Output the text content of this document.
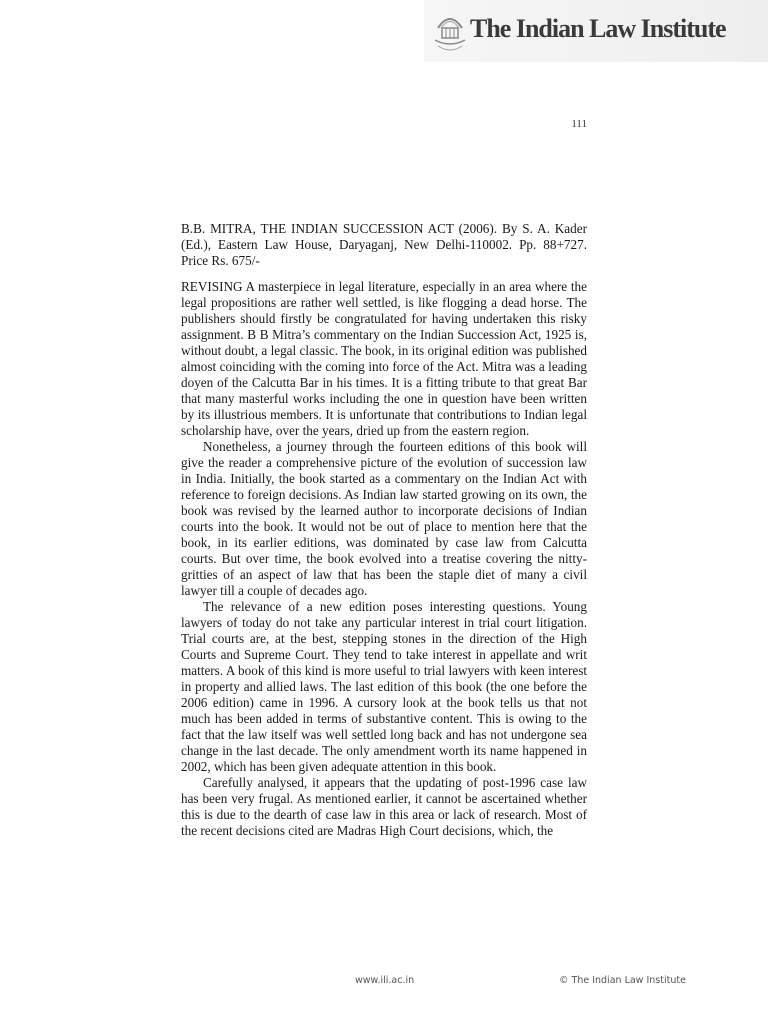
The Indian Law Institute
111

B.B. MITRA, THE INDIAN SUCCESSION ACT (2006). By S. A. Kader (Ed.), Eastern Law House, Daryaganj, New Delhi-110002. Pp. 88+727. Price Rs. 675/-

REVISING A masterpiece in legal literature, especially in an area where the legal propositions are rather well settled, is like flogging a dead horse. The publishers should firstly be congratulated for having undertaken this risky assignment. B B Mitra’s commentary on the Indian Succession Act, 1925 is, without doubt, a legal classic. The book, in its original edition was published almost coinciding with the coming into force of the Act. Mitra was a leading doyen of the Calcutta Bar in his times. It is a fitting tribute to that great Bar that many masterful works including the one in question have been written by its illustrious members. It is unfortunate that contributions to Indian legal scholarship have, over the years, dried up from the eastern region.

Nonetheless, a journey through the fourteen editions of this book will give the reader a comprehensive picture of the evolution of succession law in India. Initially, the book started as a commentary on the Indian Act with reference to foreign decisions. As Indian law started growing on its own, the book was revised by the learned author to incorporate decisions of Indian courts into the book. It would not be out of place to mention here that the book, in its earlier editions, was dominated by case law from Calcutta courts. But over time, the book evolved into a treatise covering the nitty-gritties of an aspect of law that has been the staple diet of many a civil lawyer till a couple of decades ago.

The relevance of a new edition poses interesting questions. Young lawyers of today do not take any particular interest in trial court litigation. Trial courts are, at the best, stepping stones in the direction of the High Courts and Supreme Court. They tend to take interest in appellate and writ matters. A book of this kind is more useful to trial lawyers with keen interest in property and allied laws. The last edition of this book (the one before the 2006 edition) came in 1996. A cursory look at the book tells us that not much has been added in terms of substantive content. This is owing to the fact that the law itself was well settled long back and has not undergone sea change in the last decade. The only amendment worth its name happened in 2002, which has been given adequate attention in this book.

Carefully analysed, it appears that the updating of post-1996 case law has been very frugal. As mentioned earlier, it cannot be ascertained whether this is due to the dearth of case law in this area or lack of research. Most of the recent decisions cited are Madras High Court decisions, which, the

www.ili.ac.in	© The Indian Law Institute
